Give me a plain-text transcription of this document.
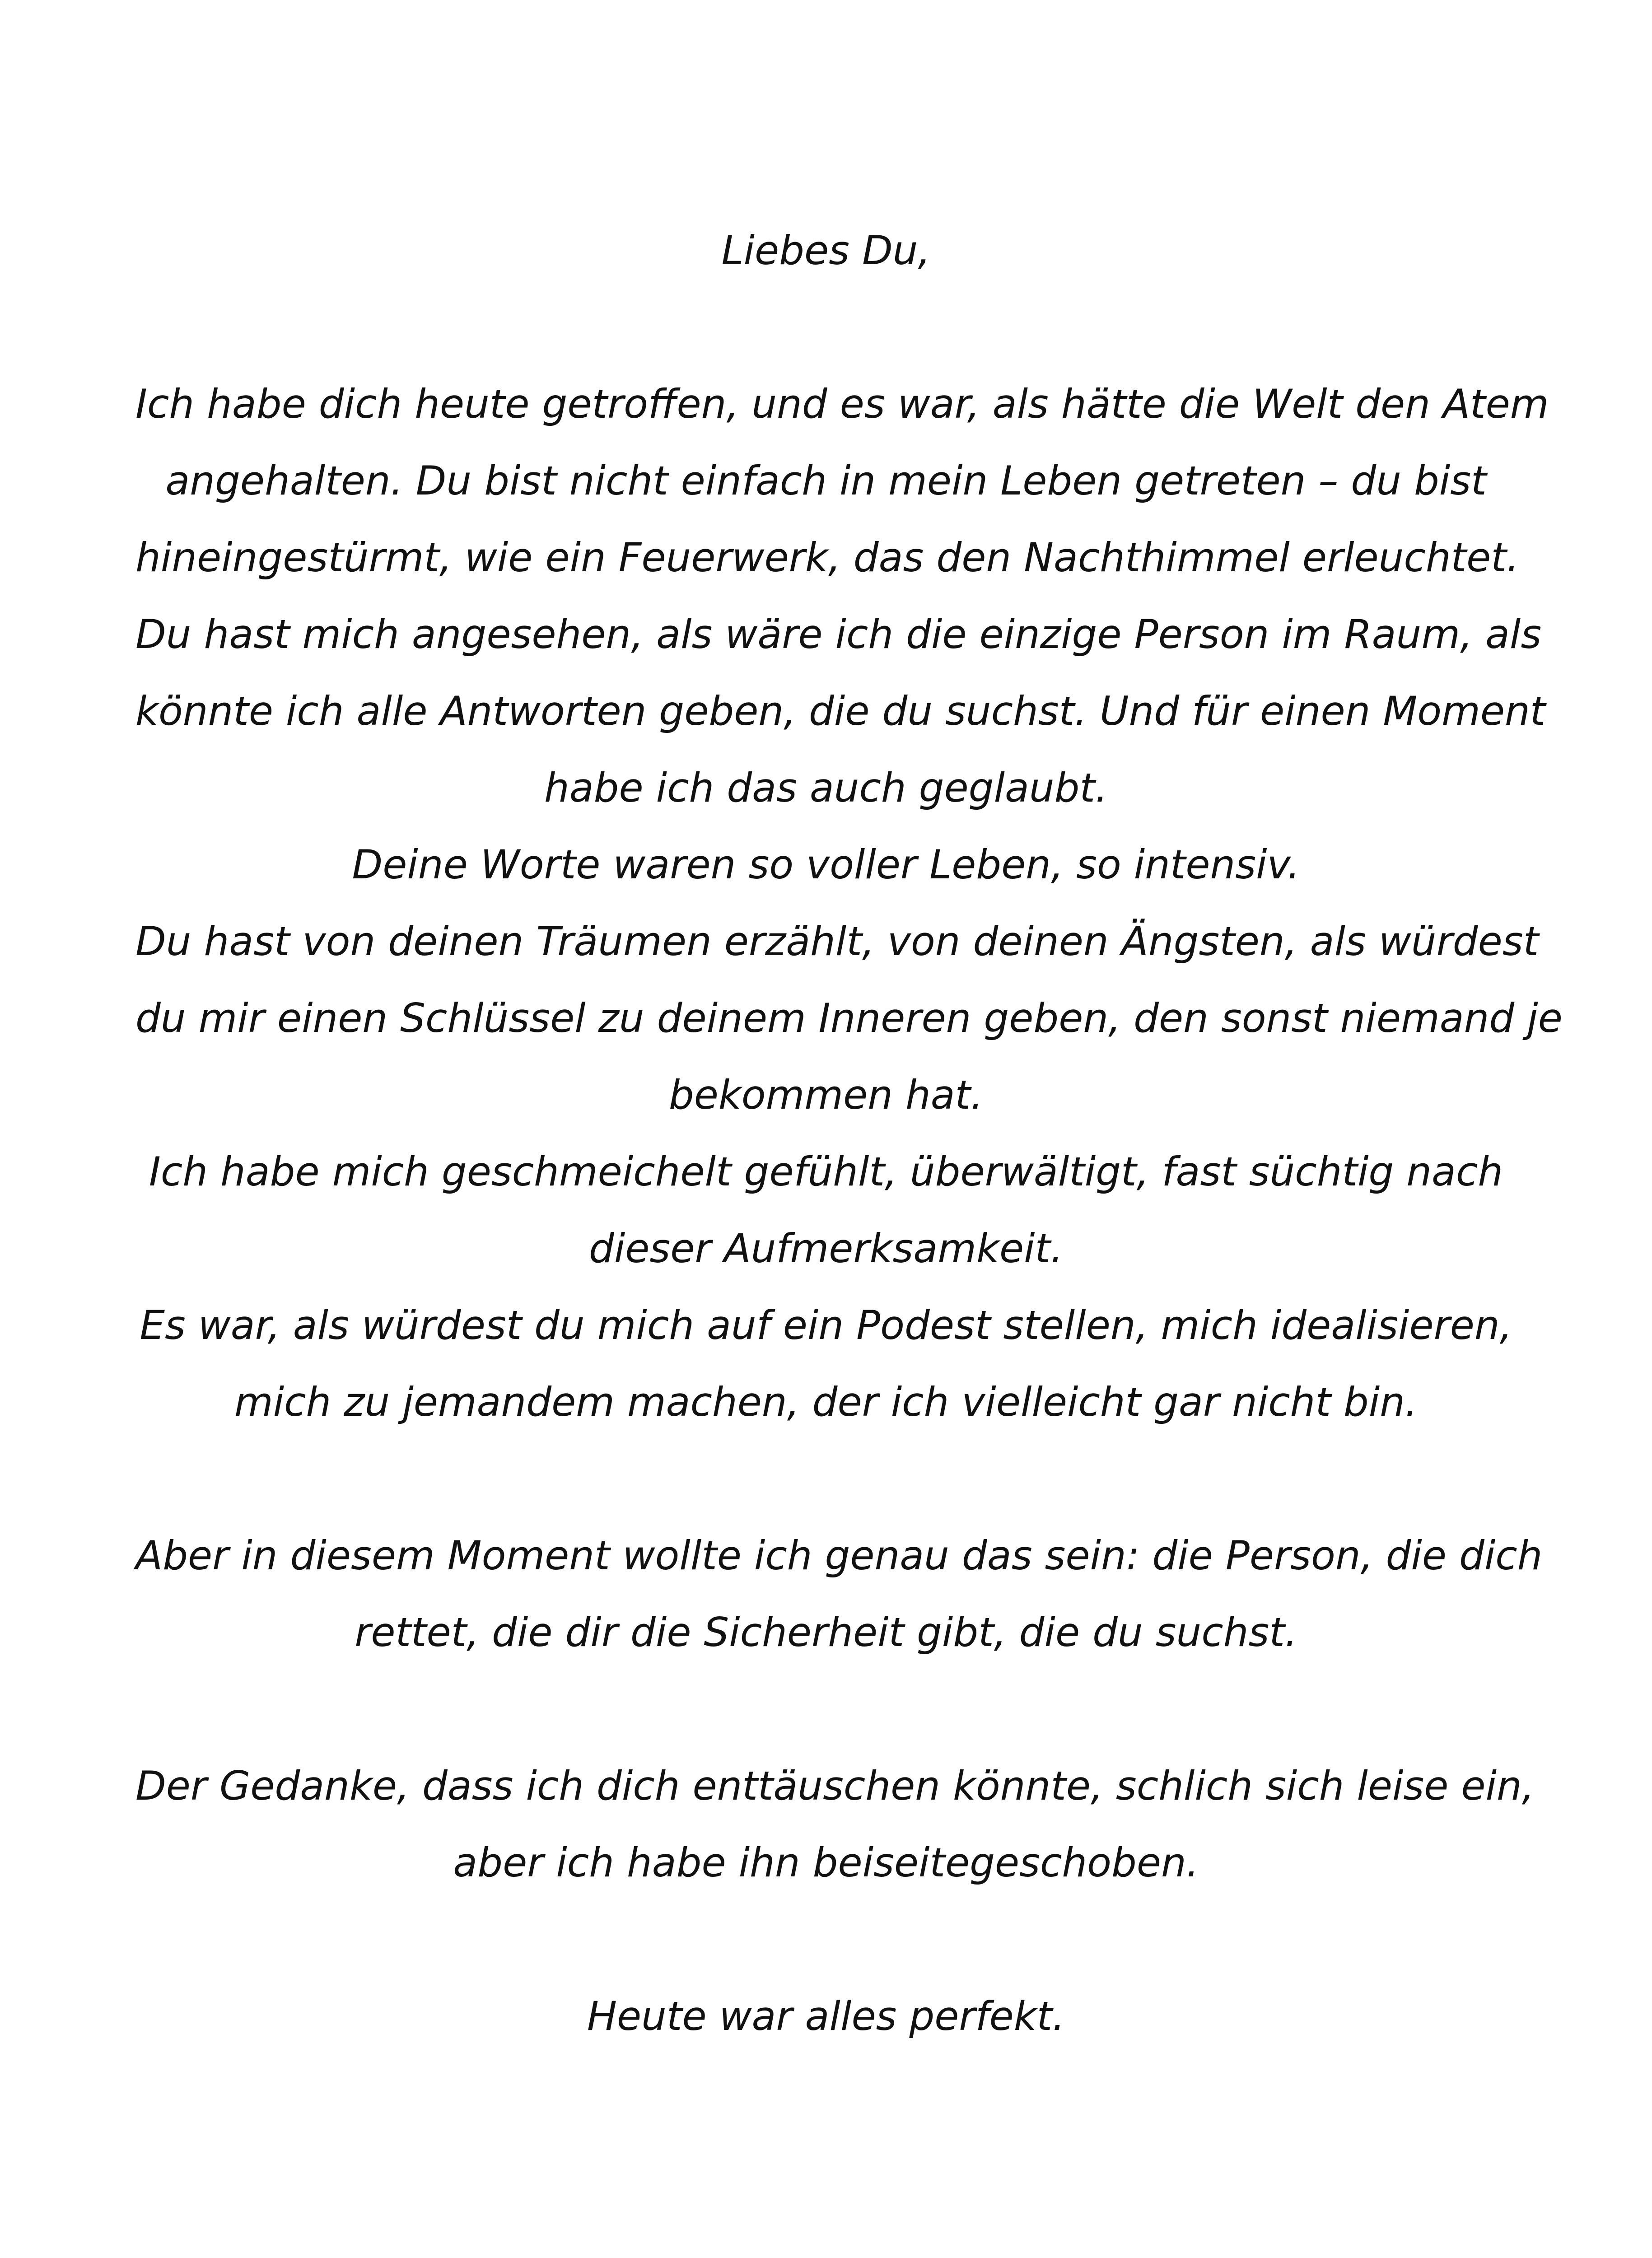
Liebes Du,
Ich habe dich heute getroffen, und es war, als hätte die Welt den Atem
angehalten. Du bist nicht einfach in mein Leben getreten – du bist
hineingestürmt, wie ein Feuerwerk, das den Nachthimmel erleuchtet.
Du hast mich angesehen, als wäre ich die einzige Person im Raum, als
könnte ich alle Antworten geben, die du suchst. Und für einen Moment
habe ich das auch geglaubt.
Deine Worte waren so voller Leben, so intensiv.
Du hast von deinen Träumen erzählt, von deinen Ängsten, als würdest
du mir einen Schlüssel zu deinem Inneren geben, den sonst niemand je
bekommen hat.
Ich habe mich geschmeichelt gefühlt, überwältigt, fast süchtig nach
dieser Aufmerksamkeit.
Es war, als würdest du mich auf ein Podest stellen, mich idealisieren,
mich zu jemandem machen, der ich vielleicht gar nicht bin.
Aber in diesem Moment wollte ich genau das sein: die Person, die dich
rettet, die dir die Sicherheit gibt, die du suchst.
Der Gedanke, dass ich dich enttäuschen könnte, schlich sich leise ein,
aber ich habe ihn beiseitegeschoben.
Heute war alles perfekt.
